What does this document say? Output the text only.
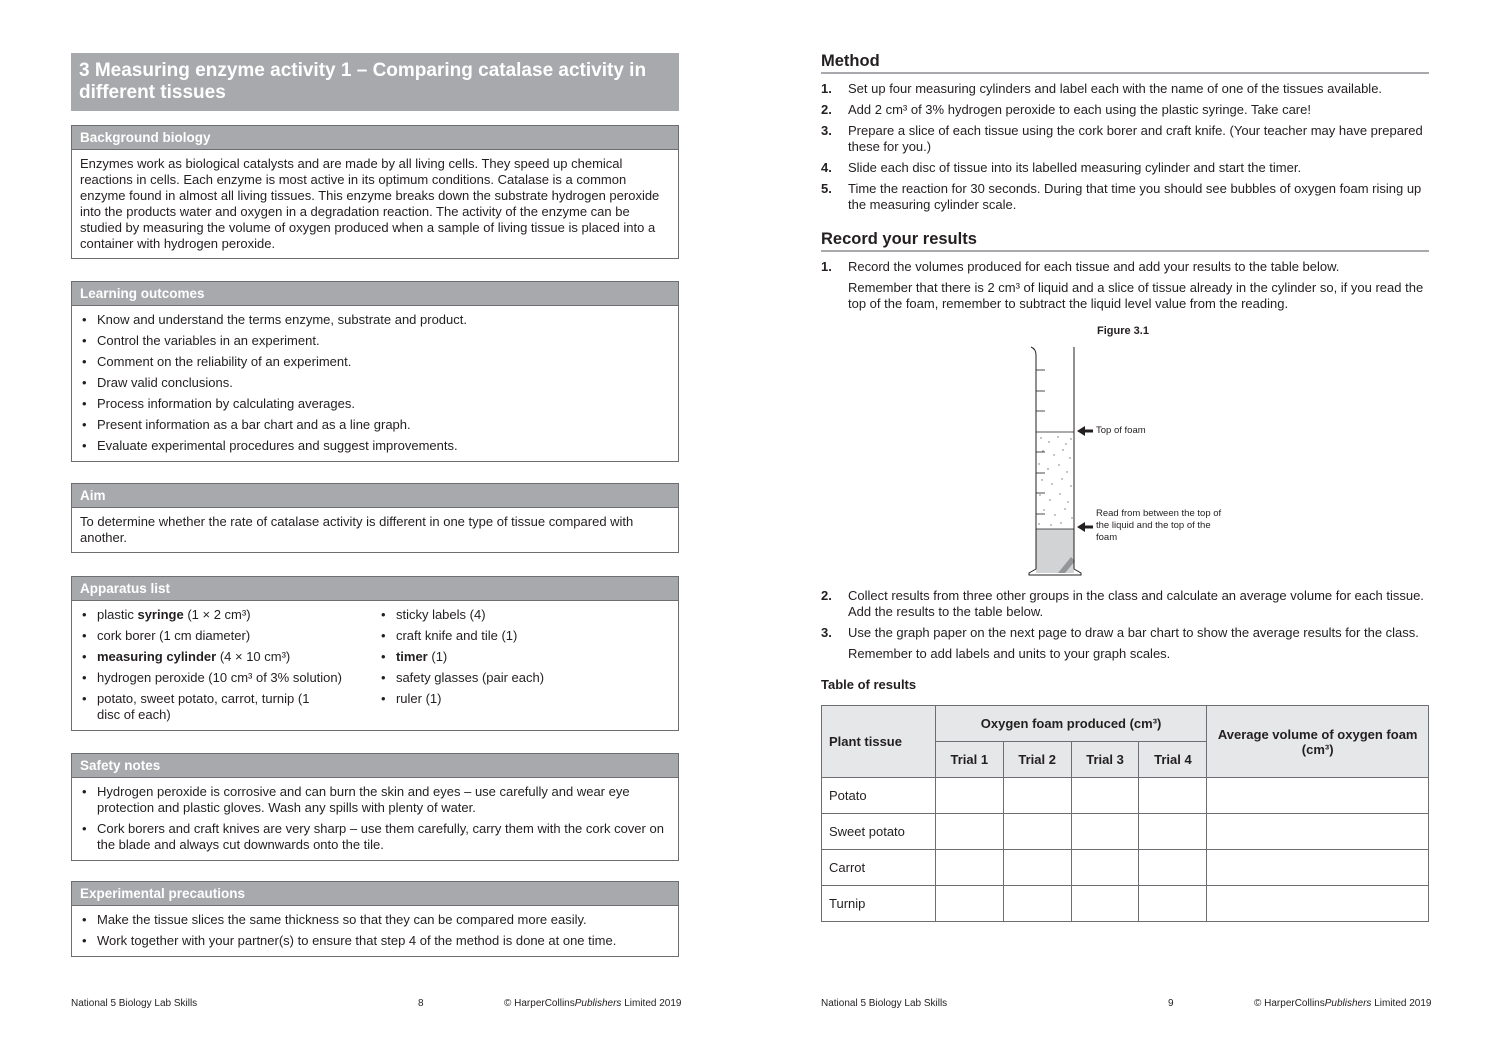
3 Measuring enzyme activity 1 – Comparing catalase activity in different tissues
Background biology
Enzymes work as biological catalysts and are made by all living cells. They speed up chemical reactions in cells. Each enzyme is most active in its optimum conditions. Catalase is a common enzyme found in almost all living tissues. This enzyme breaks down the substrate hydrogen peroxide into the products water and oxygen in a degradation reaction. The activity of the enzyme can be studied by measuring the volume of oxygen produced when a sample of living tissue is placed into a container with hydrogen peroxide.
Learning outcomes
• Know and understand the terms enzyme, substrate and product.
• Control the variables in an experiment.
• Comment on the reliability of an experiment.
• Draw valid conclusions.
• Process information by calculating averages.
• Present information as a bar chart and as a line graph.
• Evaluate experimental procedures and suggest improvements.
Aim
To determine whether the rate of catalase activity is different in one type of tissue compared with another.
Apparatus list
• plastic syringe (1 × 2 cm³)
• cork borer (1 cm diameter)
• measuring cylinder (4 × 10 cm³)
• hydrogen peroxide (10 cm³ of 3% solution)
• potato, sweet potato, carrot, turnip (1 disc of each)
• sticky labels (4)
• craft knife and tile (1)
• timer (1)
• safety glasses (pair each)
• ruler (1)
Safety notes
• Hydrogen peroxide is corrosive and can burn the skin and eyes – use carefully and wear eye protection and plastic gloves. Wash any spills with plenty of water.
• Cork borers and craft knives are very sharp – use them carefully, carry them with the cork cover on the blade and always cut downwards onto the tile.
Experimental precautions
• Make the tissue slices the same thickness so that they can be compared more easily.
• Work together with your partner(s) to ensure that step 4 of the method is done at one time.
National 5 Biology Lab Skills	8	© HarperCollinsPublishers Limited 2019
Method
1. Set up four measuring cylinders and label each with the name of one of the tissues available.
2. Add 2 cm³ of 3% hydrogen peroxide to each using the plastic syringe. Take care!
3. Prepare a slice of each tissue using the cork borer and craft knife. (Your teacher may have prepared these for you.)
4. Slide each disc of tissue into its labelled measuring cylinder and start the timer.
5. Time the reaction for 30 seconds. During that time you should see bubbles of oxygen foam rising up the measuring cylinder scale.
Record your results
1. Record the volumes produced for each tissue and add your results to the table below.
Remember that there is 2 cm³ of liquid and a slice of tissue already in the cylinder so, if you read the top of the foam, remember to subtract the liquid level value from the reading.
Figure 3.1
Top of foam
Read from between the top of the liquid and the top of the foam
2. Collect results from three other groups in the class and calculate an average volume for each tissue. Add the results to the table below.
3. Use the graph paper on the next page to draw a bar chart to show the average results for the class.
Remember to add labels and units to your graph scales.
Table of results
Plant tissue	Oxygen foam produced (cm³)				Average volume of oxygen foam (cm³)
	Trial 1	Trial 2	Trial 3	Trial 4	
Potato					
Sweet potato					
Carrot					
Turnip					
National 5 Biology Lab Skills	9	© HarperCollinsPublishers Limited 2019
